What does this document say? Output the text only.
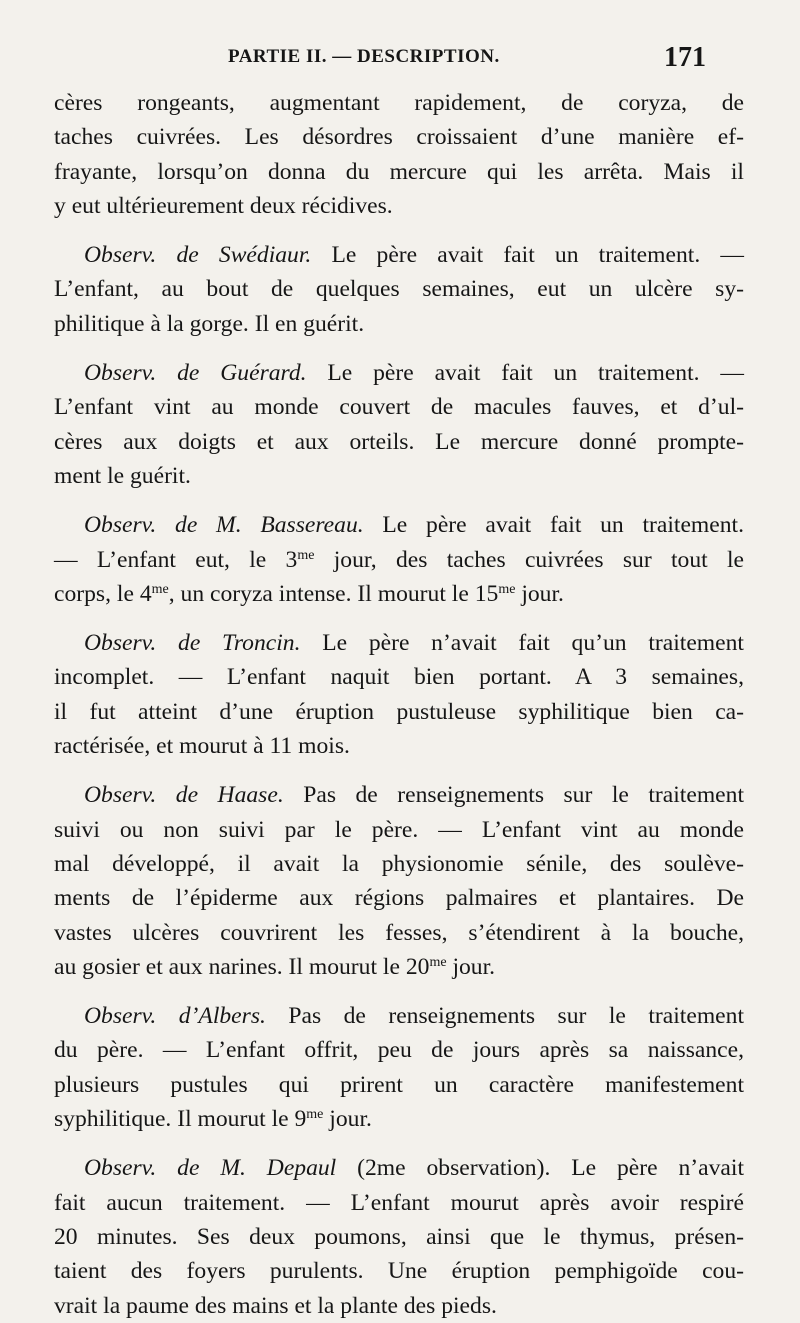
PARTIE II. — DESCRIPTION.	171
cères rongeants, augmentant rapidement, de coryza, de
taches cuivrées. Les désordres croissaient d’une manière ef-
frayante, lorsqu’on donna du mercure qui les arrêta. Mais il
y eut ultérieurement deux récidives.
Observ. de Swédiaur. Le père avait fait un traitement. —
L’enfant, au bout de quelques semaines, eut un ulcère sy-
philitique à la gorge. Il en guérit.
Observ. de Guérard. Le père avait fait un traitement. —
L’enfant vint au monde couvert de macules fauves, et d’ul-
cères aux doigts et aux orteils. Le mercure donné prompte-
ment le guérit.
Observ. de M. Bassereau. Le père avait fait un traitement.
— L’enfant eut, le $3^{me}$ jour, des taches cuivrées sur tout le
corps, le $4^{me}$, un coryza intense. Il mourut le $15^{me}$ jour.
Observ. de Troncin. Le père n’avait fait qu’un traitement
incomplet. — L’enfant naquit bien portant. A 3 semaines,
il fut atteint d’une éruption pustuleuse syphilitique bien ca-
ractérisée, et mourut à 11 mois.
Observ. de Haase. Pas de renseignements sur le traitement
suivi ou non suivi par le père. — L’enfant vint au monde
mal développé, il avait la physionomie sénile, des soulève-
ments de l’épiderme aux régions palmaires et plantaires. De
vastes ulcères couvrirent les fesses, s’étendirent à la bouche,
au gosier et aux narines. Il mourut le $20^{me}$ jour.
Observ. d’Albers. Pas de renseignements sur le traitement
du père. — L’enfant offrit, peu de jours après sa naissance,
plusieurs pustules qui prirent un caractère manifestement
syphilitique. Il mourut le $9^{me}$ jour.
Observ. de M. Depaul (2me observation). Le père n’avait
fait aucun traitement. — L’enfant mourut après avoir respiré
20 minutes. Ses deux poumons, ainsi que le thymus, présen-
taient des foyers purulents. Une éruption pemphigoïde cou-
vrait la paume des mains et la plante des pieds.
